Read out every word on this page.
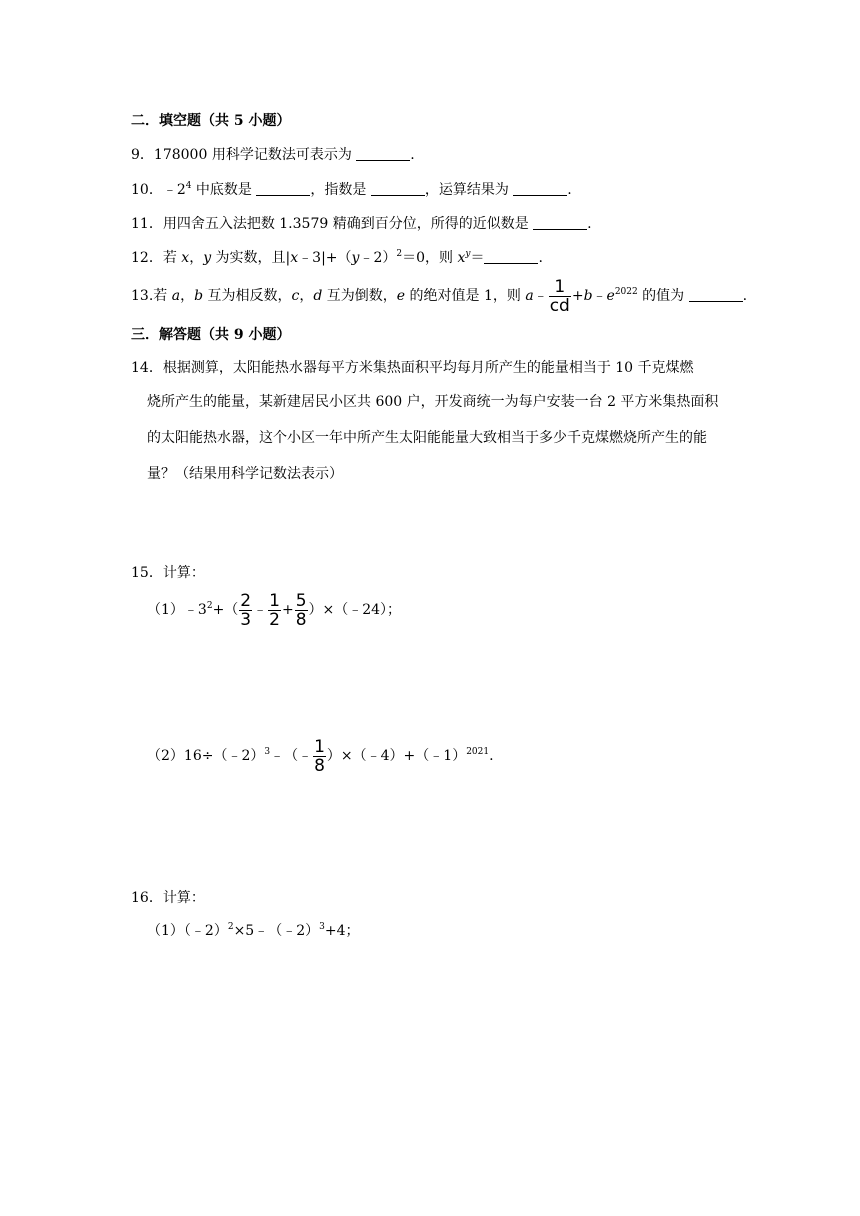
二．填空题（共 5 小题）
9．178000 用科学记数法可表示为	.
10．$﹣2^4$ 中底数是	，指数是	，运算结果为	.
11．用四舍五入法把数 1.3579 精确到百分位，所得的近似数是	.
12．若 x，y 为实数，且|x﹣3|+（y﹣2）$^2$＝0，则 $x^y=$	.
13.若 a，b 互为相反数，c，d 互为倒数，e 的绝对值是 1，则 a﹣ $\frac{1}{cd}$ $+b﹣e^{2022}$ 的值为	.
三．解答题（共 9 小题）
14．根据测算，太阳能热水器每平方米集热面积平均每月所产生的能量相当于 10 千克煤燃
烧所产生的能量，某新建居民小区共 600 户，开发商统一为每户安装一台 2 平方米集热面积的太阳能热水器，这个小区一年中所产生太阳能能量大致相当于多少千克煤燃烧所产生的能量？（结果用科学记数法表示）
15．计算：
$(1)﹣3^2+( \frac{2}{3}$ ﹣ $\frac{1}{2} + \frac{5}{8}$ ）×（﹣24）；
（2）16÷（﹣2）$^3$﹣（﹣ $\frac{1}{8}$ ）×（﹣4）+（﹣1）$^{2021}$.
16．计算：
（1）（﹣2）$^2$×5﹣（﹣2）$^3$+4；
